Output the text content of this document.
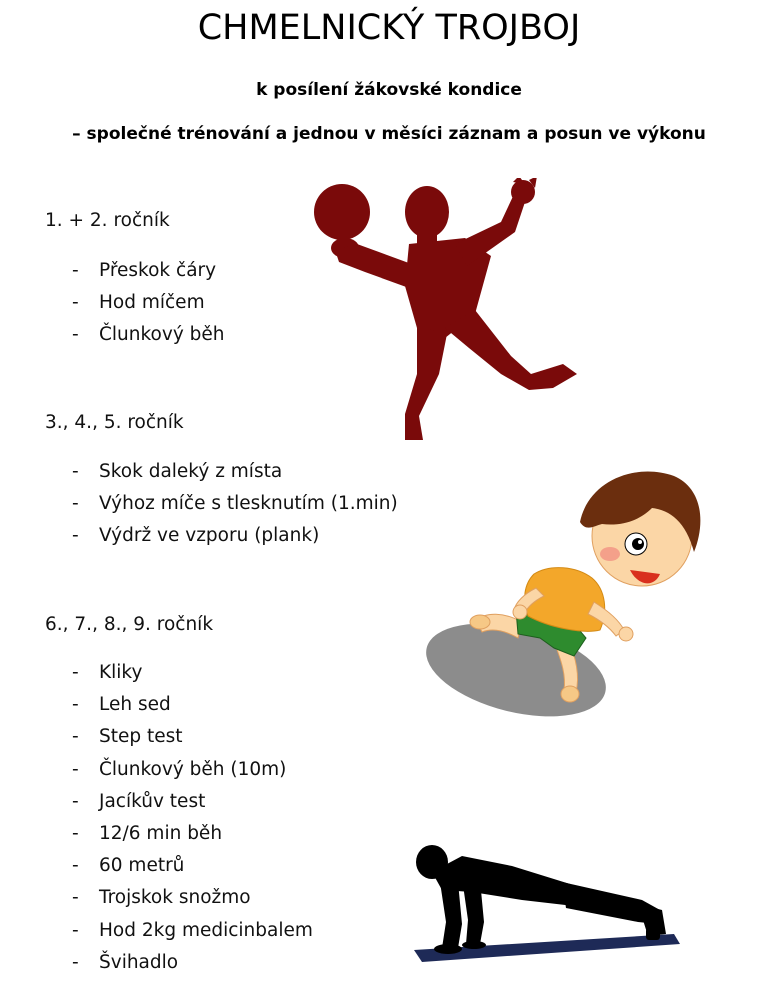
CHMELNICKÝ TROJBOJ
k posílení žákovské kondice
– společné trénování a jednou v měsíci záznam a posun ve výkonu
1. + 2. ročník
- Přeskok čáry
- Hod míčem
- Člunkový běh
3., 4., 5. ročník
- Skok daleký z místa
- Výhoz míče s tlesknutím (1.min)
- Výdrž ve vzporu (plank)
6., 7., 8., 9. ročník
- Kliky
- Leh sed
- Step test
- Člunkový běh (10m)
- Jacíkův test
- 12/6 min běh
- 60 metrů
- Trojskok snožmo
- Hod 2kg medicinbalem
- Švihadlo
